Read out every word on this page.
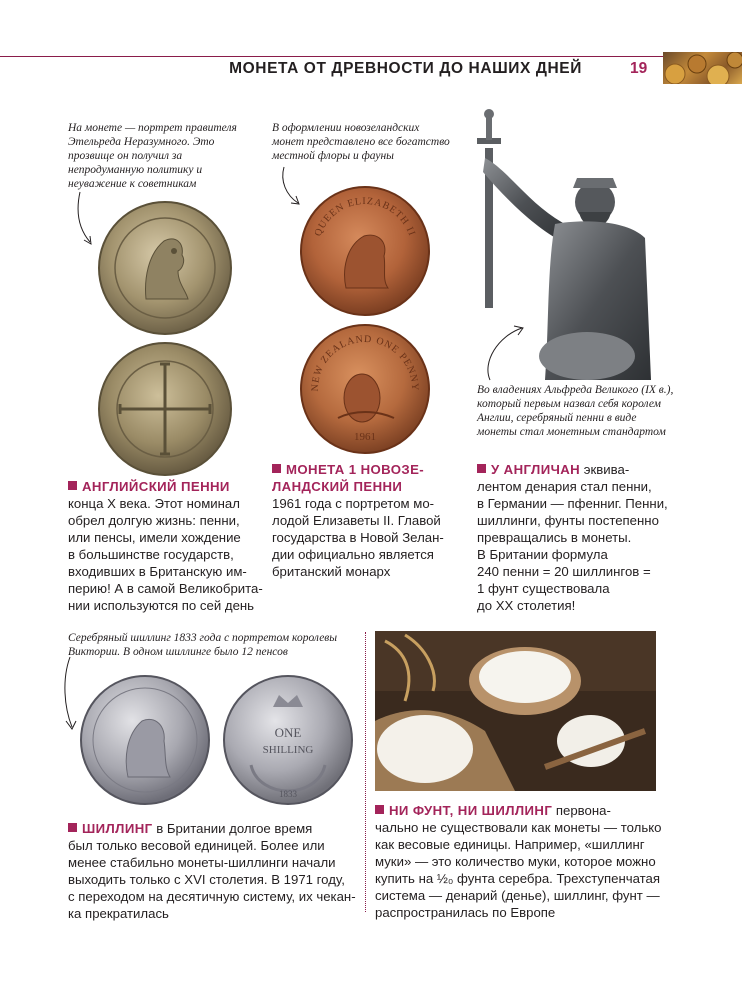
МОНЕТА ОТ ДРЕВНОСТИ ДО НАШИХ ДНЕЙ	19
На монете — портрет правителя Этельреда Неразумного. Это прозвище он получил за непродуманную политику и неуважение к советникам
В оформлении новозеландских монет представлено все богатство местной флоры и фауны
QUEEN ELIZABETH II
NEW ZEALAND ONE PENNY
1961
Во владениях Альфреда Великого (IX в.), который первым назвал себя королем Англии, серебряный пенни в виде монеты стал монетным стандартом
АНГЛИЙСКИЙ ПЕННИ
конца X века. Этот номинал
обрел долгую жизнь: пенни,
или пенсы, имели хождение
в большинстве государств,
входивших в Британскую им-
перию! А в самой Великобрита-
нии используются по сей день
МОНЕТА 1 НОВОЗЕ-
ЛАНДСКИЙ ПЕННИ
1961 года с портретом мо-
лодой Елизаветы II. Главой
государства в Новой Зелан-
дии официально является
британский монарх
У АНГЛИЧАН эквива-
лентом денария стал пенни,
в Германии — пфенниг. Пенни,
шиллинги, фунты постепенно
превращались в монеты.
В Британии формула
240 пенни = 20 шиллингов =
1 фунт существовала
до XX столетия!
Серебряный шиллинг 1833 года с портретом королевы Виктории. В одном шиллинге было 12 пенсов
ONE
SHILLING
1833
ШИЛЛИНГ в Британии долгое время
был только весовой единицей. Более или
менее стабильно монеты-шиллинги начали
выходить только с XVI столетия. В 1971 году,
с переходом на десятичную систему, их чекан-
ка прекратилась
НИ ФУНТ, НИ ШИЛЛИНГ первона-
чально не существовали как монеты — только
как весовые единицы. Например, «шиллинг
муки» — это количество муки, которое можно
купить на ½₀ фунта серебра. Трехступенчатая
система — денарий (денье), шиллинг, фунт —
распространилась по Европе
